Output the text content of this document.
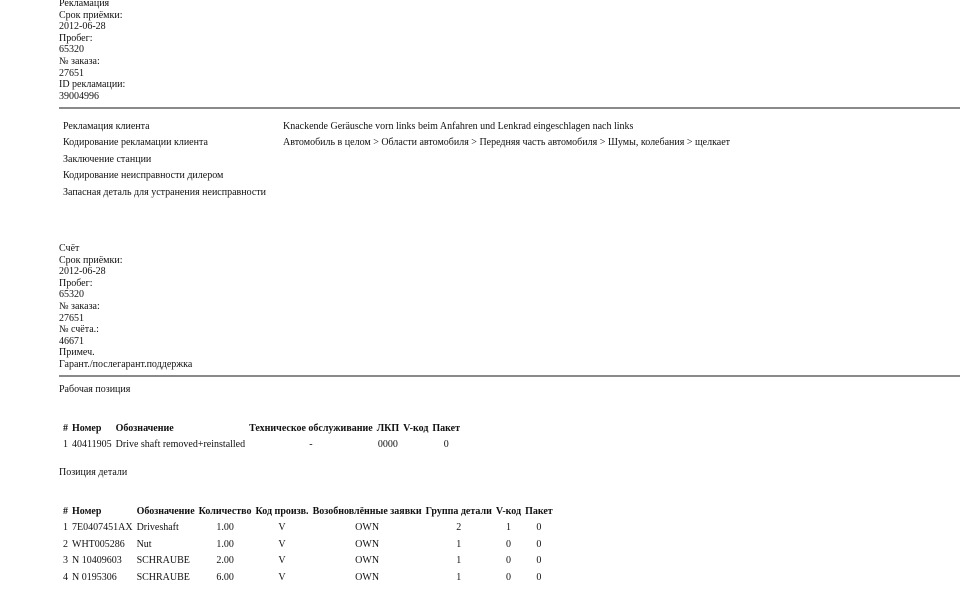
Рекламация
Срок приёмки:
2012-06-28
Пробег:
65320
№ заказа:
27651
ID рекламации:
39004996
Рекламация клиента	Knackende Geräusche vorn links beim Anfahren und Lenkrad eingeschlagen nach links
Кодирование рекламации клиента	Автомобиль в целом > Области автомобиля > Передняя часть автомобиля > Шумы, колебания > щелкает
Заключение станции	
Кодирование неисправности дилером	
Запасная деталь для устранения неисправности	
Счёт
Срок приёмки:
2012-06-28
Пробег:
65320
№ заказа:
27651
№ счёта.:
46671
Примеч.
Гарант./послегарант.поддержка
Рабочая позиция
#	Номер	Обозначение	Техническое обслуживание	ЛКП	V-код	Пакет
1	40411905	Drive shaft removed+reinstalled	-	0000		0
Позиция детали
#	Номер	Обозначение	Количество	Код произв.	Возобновлённые заявки	Группа детали	V-код	Пакет
1	7E0407451AX	Driveshaft	1.00	V	OWN	2	1	0
2	WHT005286	Nut	1.00	V	OWN	1	0	0
3	N 10409603	SCHRAUBE	2.00	V	OWN	1	0	0
4	N 0195306	SCHRAUBE	6.00	V	OWN	1	0	0
